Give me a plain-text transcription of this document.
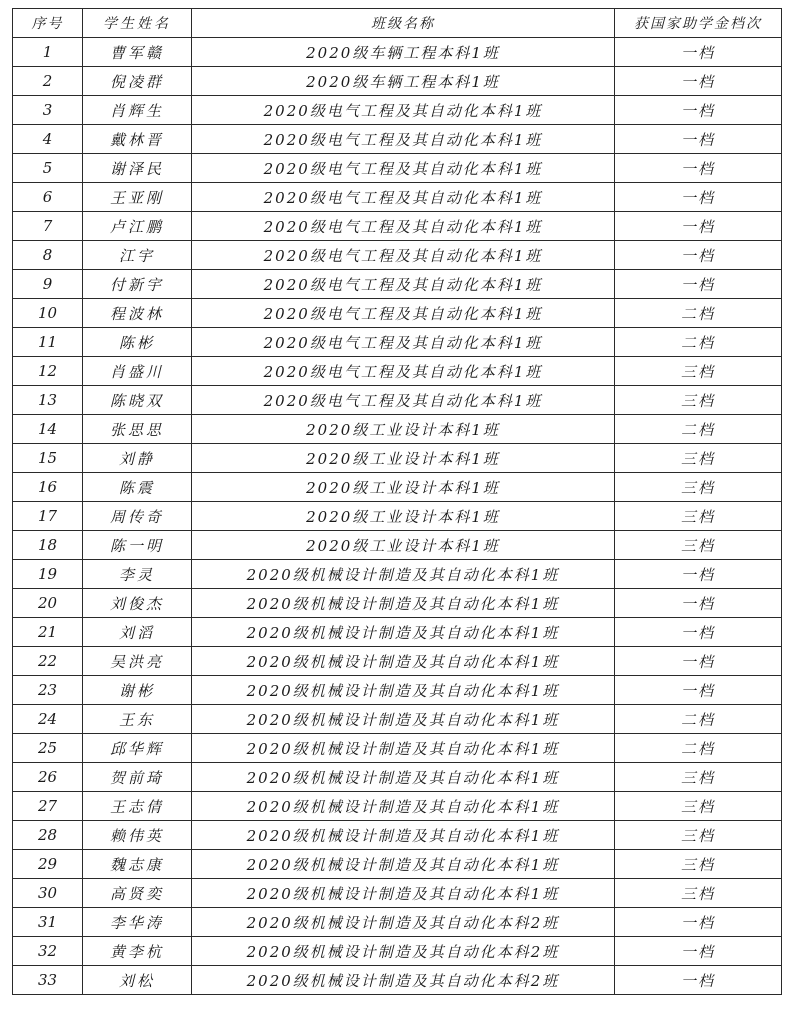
序号	学生姓名	班级名称	获国家助学金档次
1	曹军赣	2020级车辆工程本科1班	一档
2	倪凌群	2020级车辆工程本科1班	一档
3	肖辉生	2020级电气工程及其自动化本科1班	一档
4	戴林晋	2020级电气工程及其自动化本科1班	一档
5	谢泽民	2020级电气工程及其自动化本科1班	一档
6	王亚刚	2020级电气工程及其自动化本科1班	一档
7	卢江鹏	2020级电气工程及其自动化本科1班	一档
8	江宇	2020级电气工程及其自动化本科1班	一档
9	付新宇	2020级电气工程及其自动化本科1班	一档
10	程波林	2020级电气工程及其自动化本科1班	二档
11	陈彬	2020级电气工程及其自动化本科1班	二档
12	肖盛川	2020级电气工程及其自动化本科1班	三档
13	陈晓双	2020级电气工程及其自动化本科1班	三档
14	张思思	2020级工业设计本科1班	二档
15	刘静	2020级工业设计本科1班	三档
16	陈震	2020级工业设计本科1班	三档
17	周传奇	2020级工业设计本科1班	三档
18	陈一明	2020级工业设计本科1班	三档
19	李灵	2020级机械设计制造及其自动化本科1班	一档
20	刘俊杰	2020级机械设计制造及其自动化本科1班	一档
21	刘滔	2020级机械设计制造及其自动化本科1班	一档
22	吴洪亮	2020级机械设计制造及其自动化本科1班	一档
23	谢彬	2020级机械设计制造及其自动化本科1班	一档
24	王东	2020级机械设计制造及其自动化本科1班	二档
25	邱华辉	2020级机械设计制造及其自动化本科1班	二档
26	贺前琦	2020级机械设计制造及其自动化本科1班	三档
27	王志倩	2020级机械设计制造及其自动化本科1班	三档
28	赖伟英	2020级机械设计制造及其自动化本科1班	三档
29	魏志康	2020级机械设计制造及其自动化本科1班	三档
30	高贤奕	2020级机械设计制造及其自动化本科1班	三档
31	李华涛	2020级机械设计制造及其自动化本科2班	一档
32	黄李杭	2020级机械设计制造及其自动化本科2班	一档
33	刘松	2020级机械设计制造及其自动化本科2班	一档
